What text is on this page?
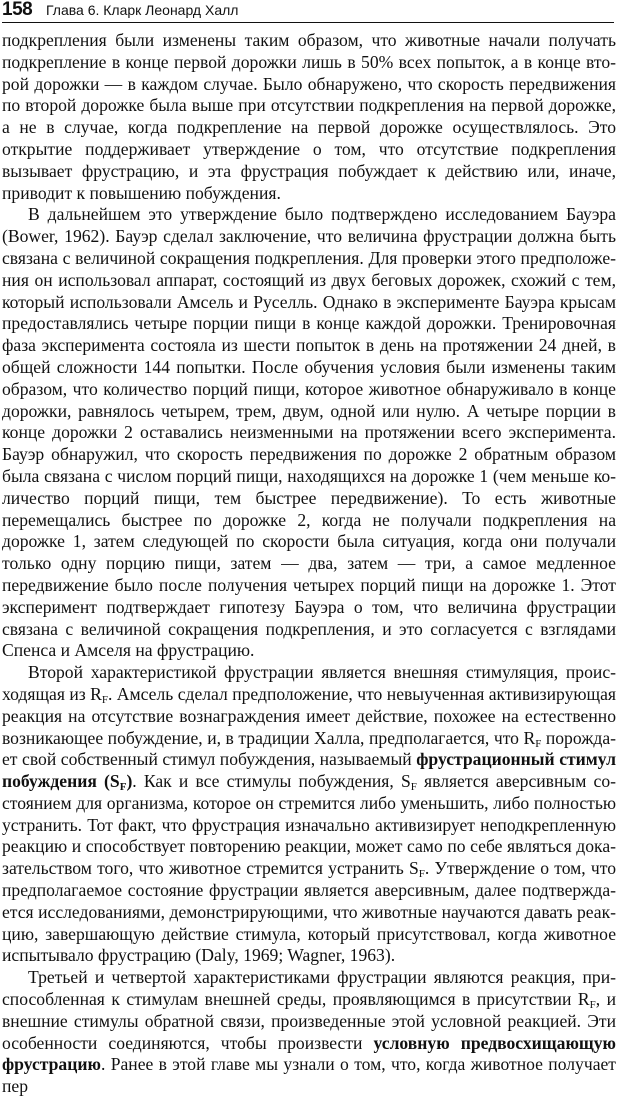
158 Глава 6. Кларк Леонард Халл

подкрепления были изменены таким образом, что животные начали получать подкрепление в конце первой дорожки лишь в 50% всех попыток, а в конце второй дорожки — в каждом случае. Было обнаружено, что скорость передвижения по второй дорожке была выше при отсутствии подкрепления на первой дорожке, а не в случае, когда подкрепление на первой дорожке осуществлялось. Это открытие поддерживает утверждение о том, что отсутствие подкрепления вызывает фрустрацию, и эта фрустрация побуждает к действию или, иначе, приводит к повышению побуждения.

В дальнейшем это утверждение было подтверждено исследованием Бауэра (Bower, 1962). Бауэр сделал заключение, что величина фрустрации должна быть связана с величиной сокращения подкрепления. Для проверки этого предположения он использовал аппарат, состоящий из двух беговых дорожек, схожий с тем, который использовали Амсель и Руселль. Однако в эксперименте Бауэра крысам предоставлялись четыре порции пищи в конце каждой дорожки. Тренировочная фаза эксперимента состояла из шести попыток в день на протяжении 24 дней, в общей сложности 144 попытки. После обучения условия были изменены таким образом, что количество порций пищи, которое животное обнаруживало в конце дорожки, равнялось четырем, трем, двум, одной или нулю. А четыре порции в конце дорожки 2 оставались неизменными на протяжении всего эксперимента. Бауэр обнаружил, что скорость передвижения по дорожке 2 обратным образом была связана с числом порций пищи, находящихся на дорожке 1 (чем меньше количество порций пищи, тем быстрее передвижение). То есть животные перемещались быстрее по дорожке 2, когда не получали подкрепления на дорожке 1, затем следующей по скорости была ситуация, когда они получали только одну порцию пищи, затем — два, затем — три, а самое медленное передвижение было после получения четырех порций пищи на дорожке 1. Этот эксперимент подтверждает гипотезу Бауэра о том, что величина фрустрации связана с величиной сокращения подкрепления, и это согласуется с взглядами Спенса и Амселя на фрустрацию.

Второй характеристикой фрустрации является внешняя стимуляция, происходящая из $R_F$. Амсель сделал предположение, что невыученная активизирующая реакция на отсутствие вознаграждения имеет действие, похожее на естественно возникающее побуждение, и, в традиции Халла, предполагается, что $R_F$ порождает свой собственный стимул побуждения, называемый фрустрационный стимул побуждения $(S_F)$. Как и все стимулы побуждения, $S_F$ является аверсивным состоянием для организма, которое он стремится либо уменьшить, либо полностью устранить. Тот факт, что фрустрация изначально активизирует неподкрепленную реакцию и способствует повторению реакции, может само по себе являться доказательством того, что животное стремится устранить $S_F$. Утверждение о том, что предполагаемое состояние фрустрации является аверсивным, далее подтверждается исследованиями, демонстрирующими, что животные научаются давать реакцию, завершающую действие стимула, который присутствовал, когда животное испытывало фрустрацию (Daly, 1969; Wagner, 1963).

Третьей и четвертой характеристиками фрустрации являются реакция, приспособленная к стимулам внешней среды, проявляющимся в присутствии $R_F$, и внешние стимулы обратной связи, произведенные этой условной реакцией. Эти особенности соединяются, чтобы произвести условную предвосхищающую фрустрацию. Ранее в этой главе мы узнали о том, что, когда животное получает пер
